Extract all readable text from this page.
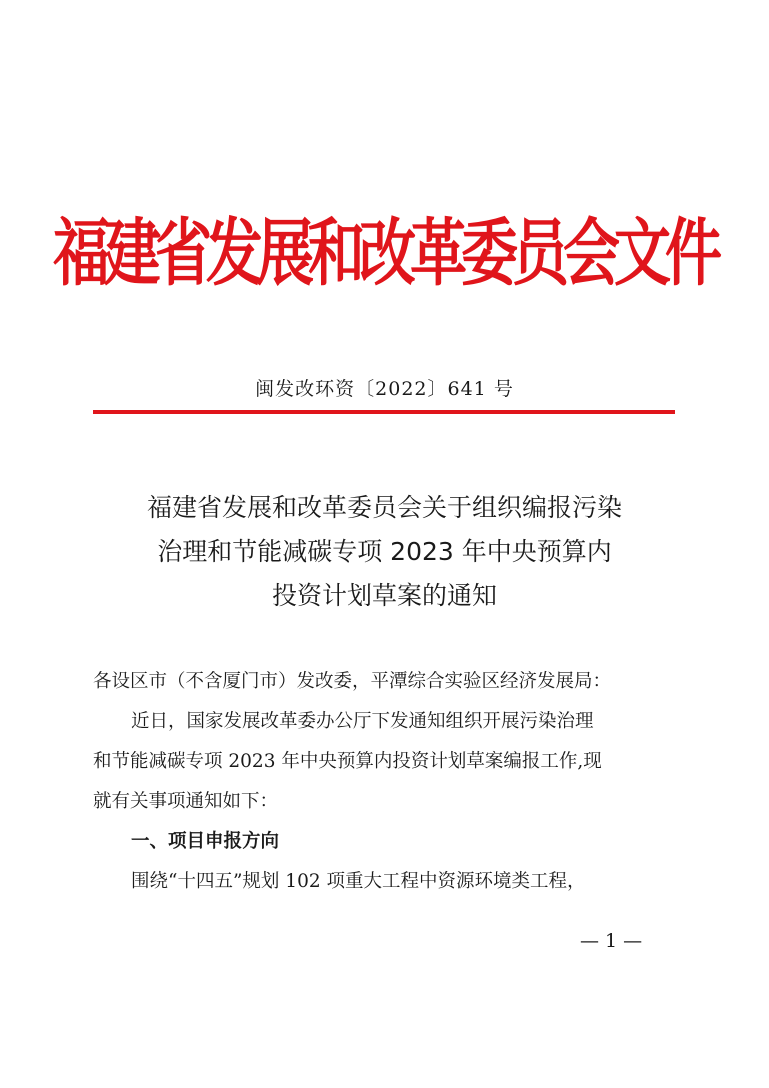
福建省发展和改革委员会文件
闽发改环资〔2022〕641 号
福建省发展和改革委员会关于组织编报污染
治理和节能减碳专项 2023 年中央预算内
投资计划草案的通知

各设区市（不含厦门市）发改委，平潭综合实验区经济发展局：

近日，国家发展改革委办公厅下发通知组织开展污染治理

和节能减碳专项 2023 年中央预算内投资计划草案编报工作,现

就有关事项通知如下：

一、项目申报方向

围绕“十四五”规划 102 项重大工程中资源环境类工程，

— 1 —
